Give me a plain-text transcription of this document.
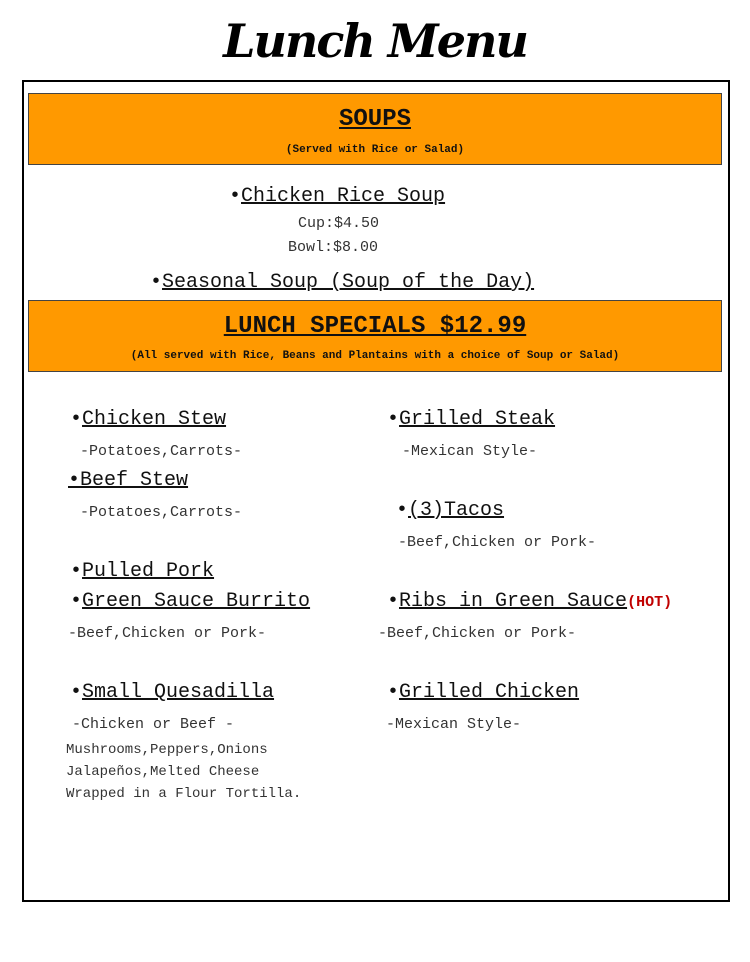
Lunch Menu
SOUPS
(Served with Rice or Salad)
•Chicken Rice Soup
Cup:$4.50
Bowl:$8.00
•Seasonal Soup (Soup of the Day)
LUNCH SPECIALS $12.99
(All served with Rice, Beans and Plantains with a choice of Soup or Salad)
•Chicken Stew
-Potatoes,Carrots-
•Beef Stew
-Potatoes,Carrots-
•Pulled Pork
•Green Sauce Burrito
-Beef,Chicken or Pork-
•Small Quesadilla
-Chicken or Beef -
Mushrooms,Peppers,Onions
Jalapeños,Melted Cheese
Wrapped in a Flour Tortilla.
•Grilled Steak
-Mexican Style-
•(3)Tacos
-Beef,Chicken or Pork-
•Ribs in Green Sauce(HOT)
-Beef,Chicken or Pork-
•Grilled Chicken
-Mexican Style-
